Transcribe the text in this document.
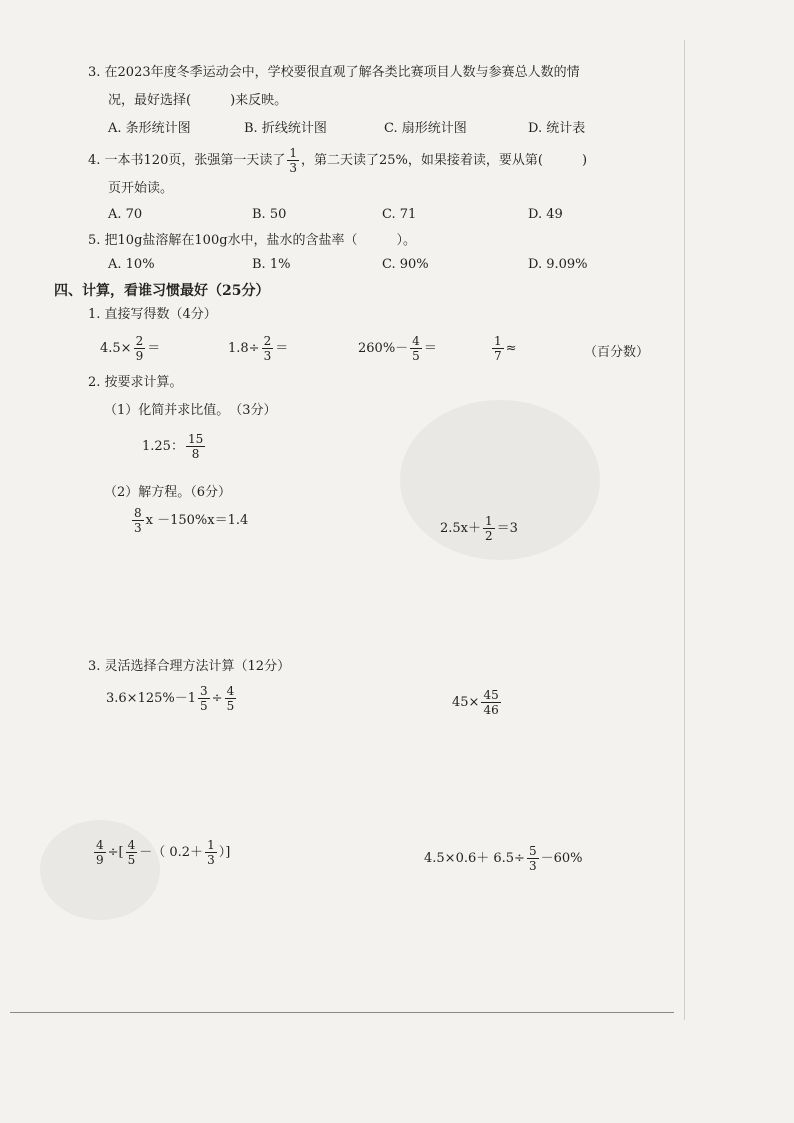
3. 在2023年度冬季运动会中，学校要很直观了解各类比赛项目人数与参赛总人数的情
况，最好选择(　　　)来反映。
A. 条形统计图	B. 折线统计图	C. 扇形统计图	D. 统计表
4. 一本书120页，张强第一天读了 $\frac{1}{3}$ ，第二天读了25%，如果接着读，要从第(　　　)
页开始读。
A. 70	B. 50	C. 71	D. 49
5. 把10g盐溶解在100g水中，盐水的含盐率（　　　）。
A. 10%	B. 1%	C. 90%	D. 9.09%
四、计算，看谁习惯最好（25分）
1. 直接写得数（4分）
$4.5\times \frac{2}{9}$ ＝	$1.8\div \frac{2}{3}$ ＝	$260\%- \frac{4}{5}$ ＝	$\frac{1}{7}$ ≈	（百分数）
2. 按要求计算。
（1）化简并求比值。　（3分）
1.25： $\frac{15}{8}$
（2）解方程。（6分）
$\frac{8}{3}$ x －150%x＝1.4
$2.5x+ \frac{1}{2} =3$
3. 灵活选择合理方法计算（12分）
$3.6\times 125\%-1 \frac{3}{5} \div \frac{4}{5}$	$45\times \frac{45}{46}$
$\frac{4}{9}$ ÷[ $\frac{4}{5}$ －（ $0.2+ \frac{1}{3}$ ）]	$4.5\times 0.6+ 6.5\div \frac{5}{3} -60\%$
